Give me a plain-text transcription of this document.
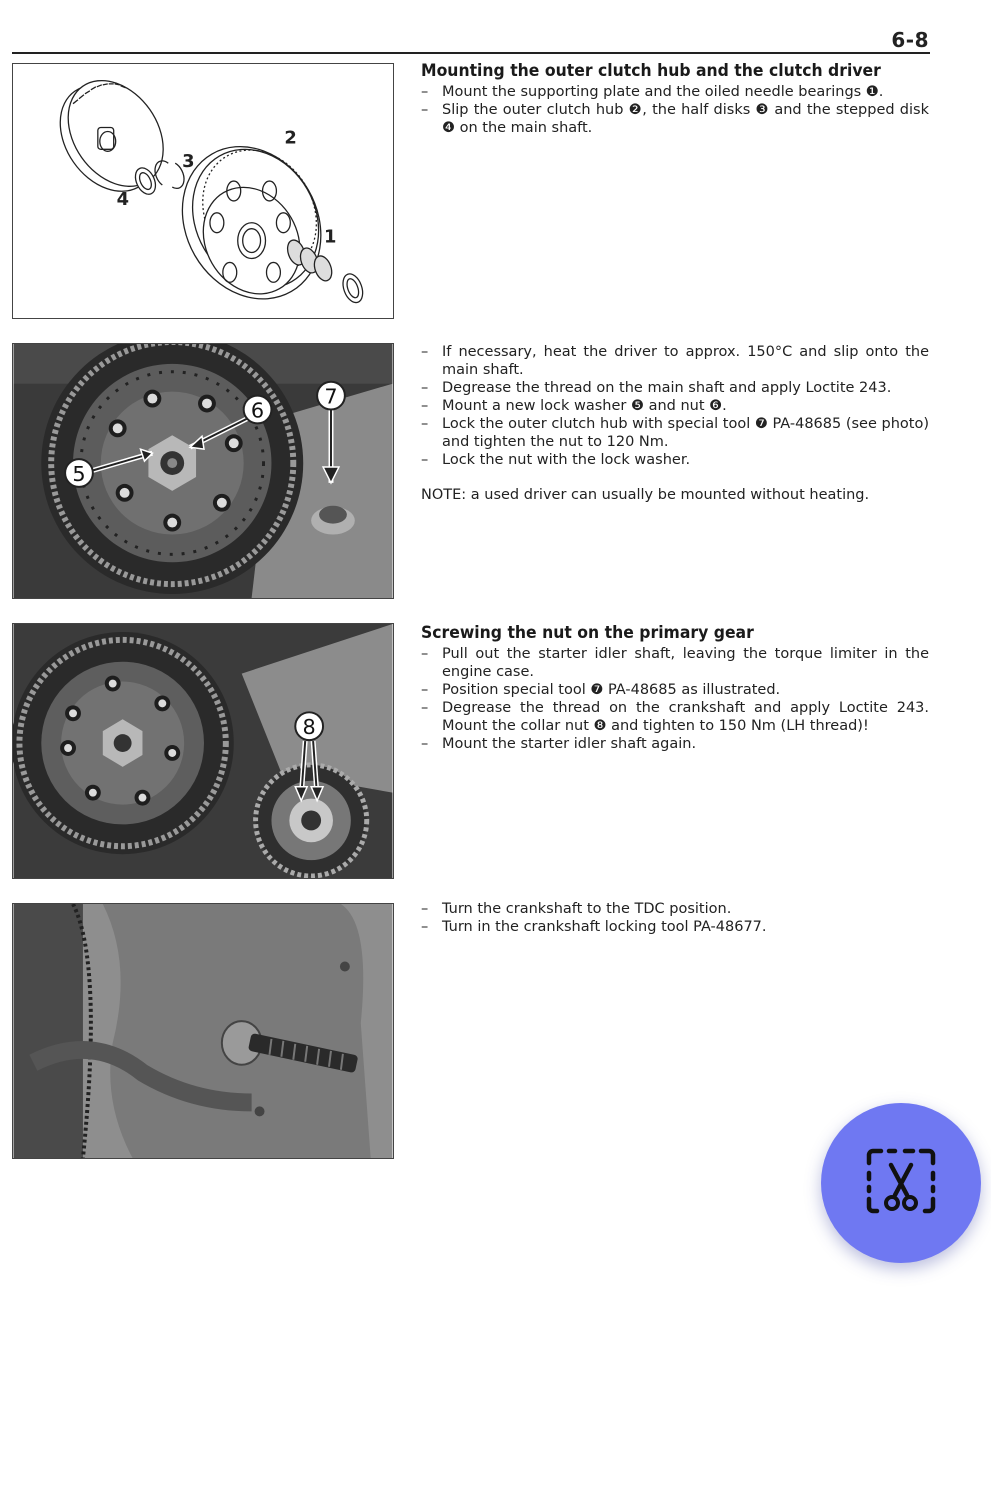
6-8
1
2
3
4
5
6
7
8
Mounting the outer clutch hub and the clutch driver
– Mount the supporting plate and the oiled needle bearings ❶.
– Slip the outer clutch hub ❷, the half disks ❸ and the stepped disk ❹ on the main shaft.
– If necessary, heat the driver to approx. 150°C and slip onto the main shaft.
– Degrease the thread on the main shaft and apply Loctite 243.
– Mount a new lock washer ❺ and nut ❻.
– Lock the outer clutch hub with special tool ❼ PA-48685 (see photo) and tighten the nut to 120 Nm.
– Lock the nut with the lock washer.
NOTE: a used driver can usually be mounted without heating.
Screwing the nut on the primary gear
– Pull out the starter idler shaft, leaving the torque limiter in the engine case.
– Position special tool ❼ PA-48685 as illustrated.
– Degrease the thread on the crankshaft and apply Loctite 243. Mount the collar nut ❽ and tighten to 150 Nm (LH thread)!
– Mount the starter idler shaft again.
– Turn the crankshaft to the TDC position.
– Turn in the crankshaft locking tool PA-48677.
